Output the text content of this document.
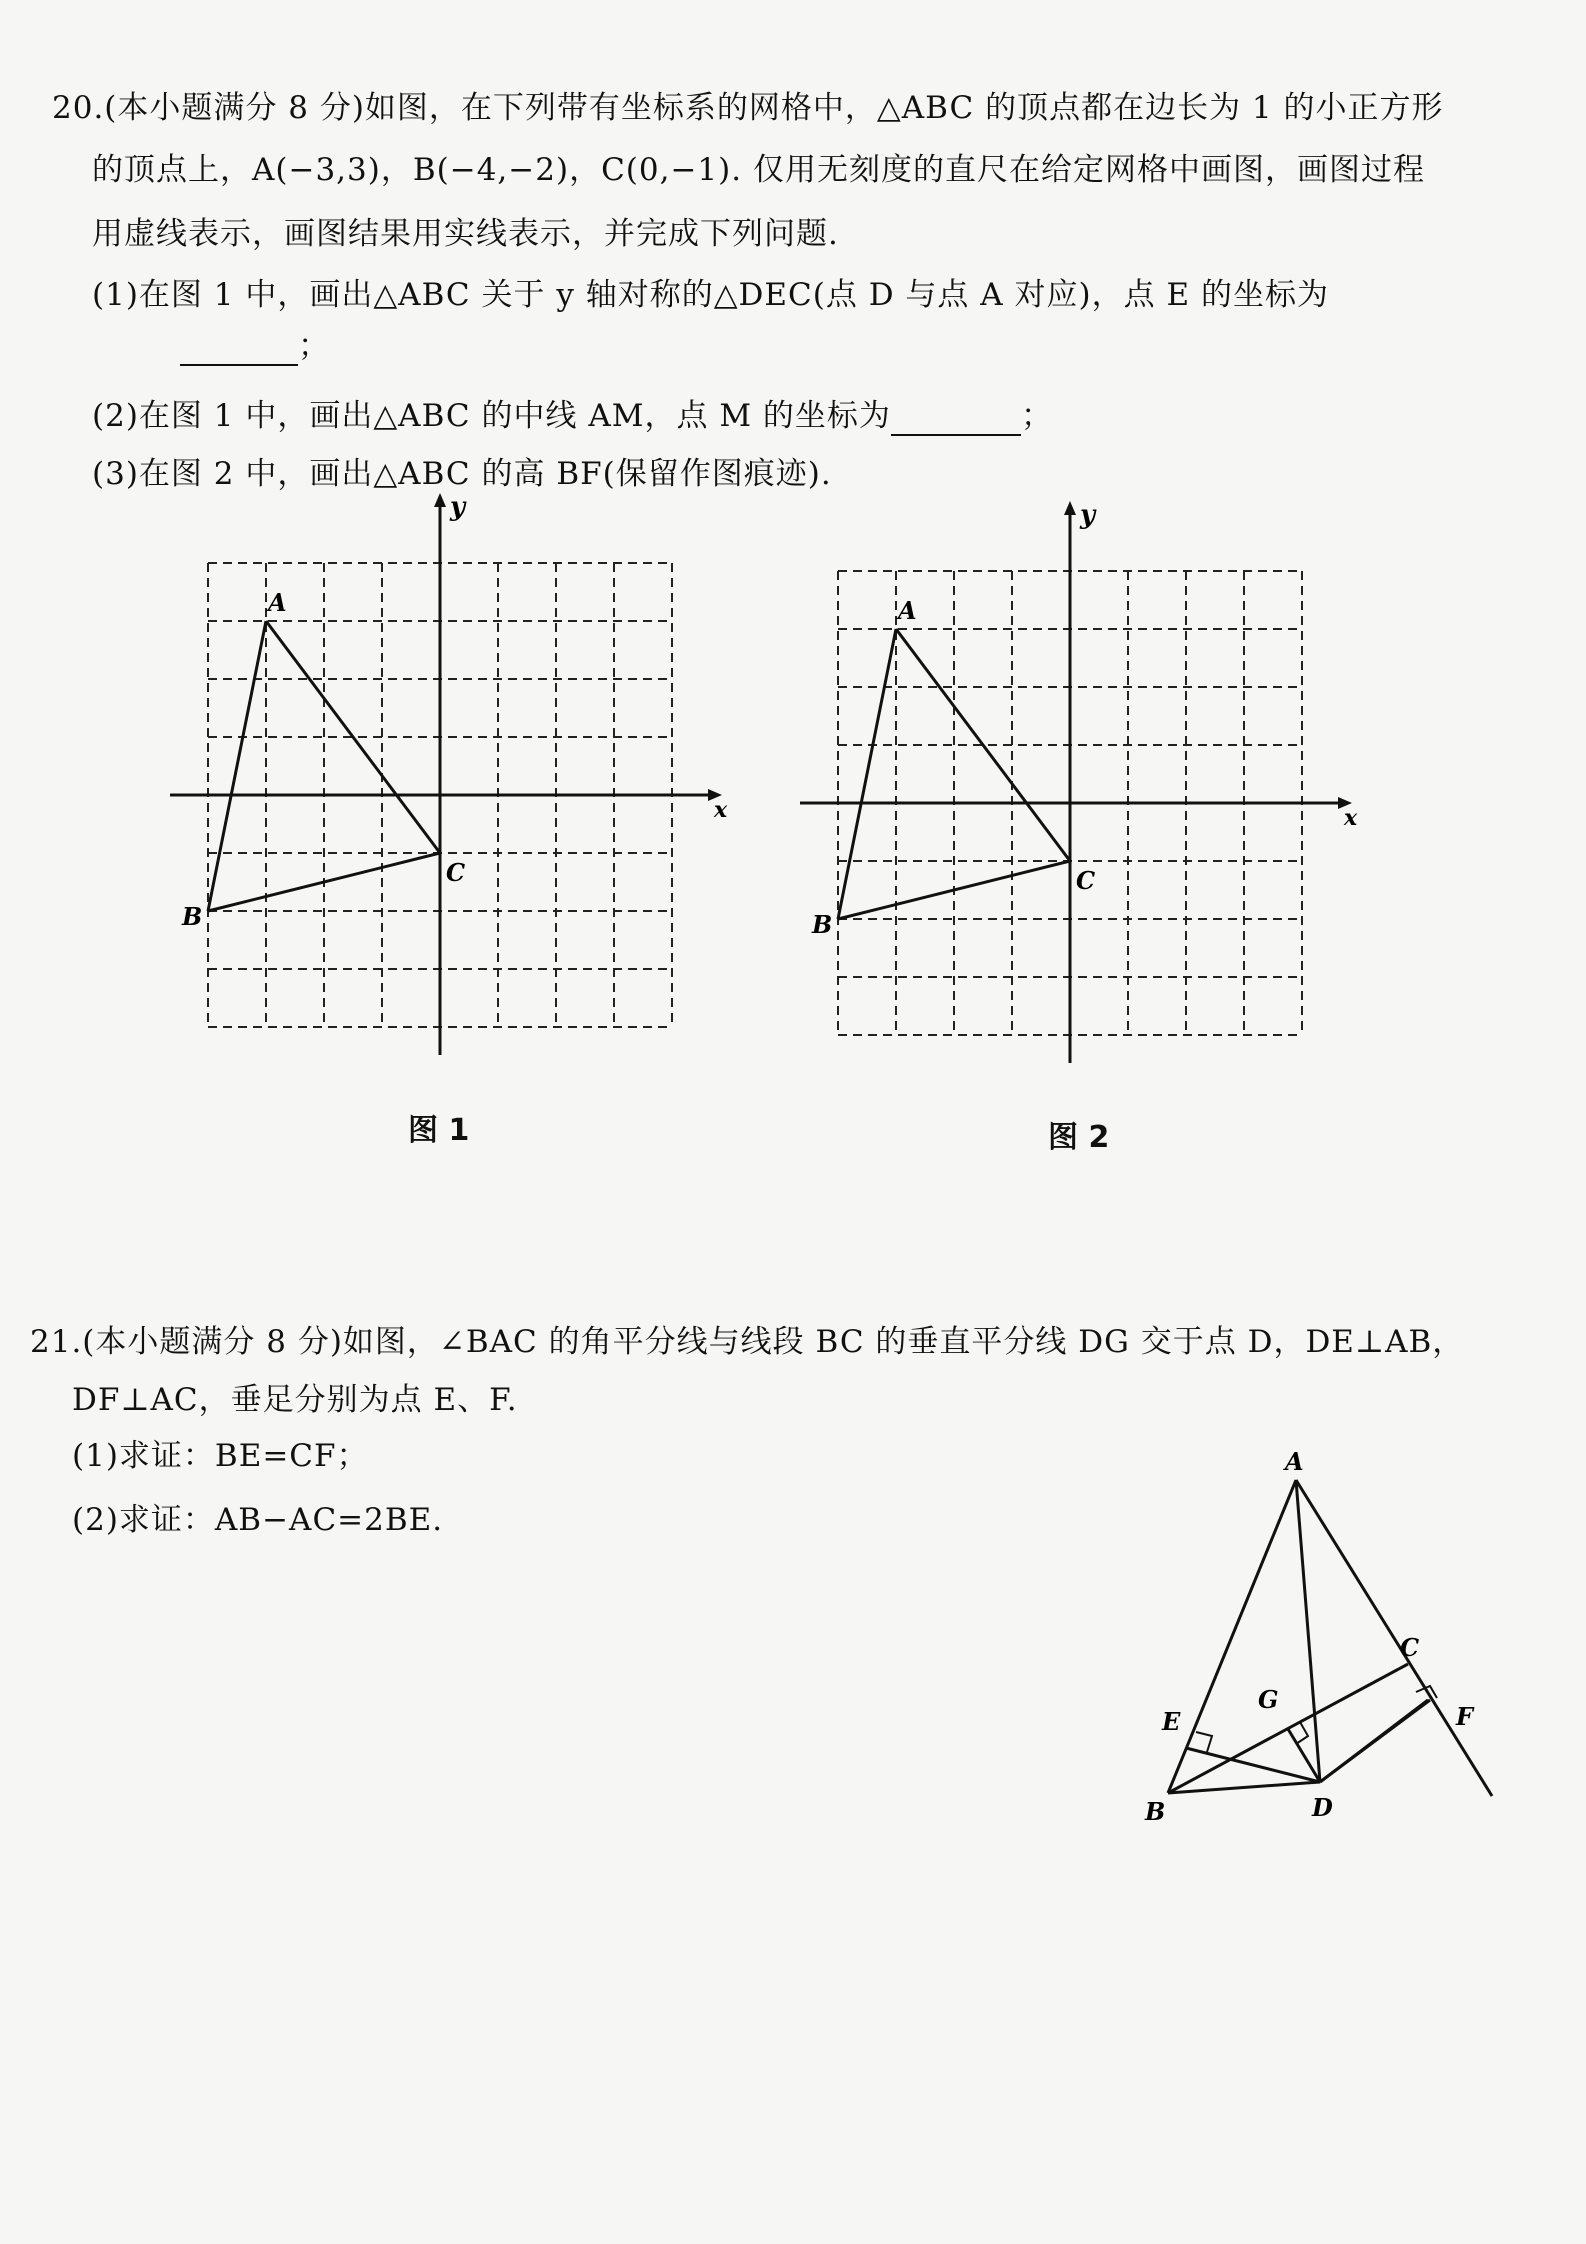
20.(本小题满分 8 分)如图，在下列带有坐标系的网格中，△ABC 的顶点都在边长为 1 的小正方形
的顶点上，A(−3,3)，B(−4,−2)，C(0,−1). 仅用无刻度的直尺在给定网格中画图，画图过程
用虚线表示，画图结果用实线表示，并完成下列问题.
(1)在图 1 中，画出△ABC 关于 y 轴对称的△DEC(点 D 与点 A 对应)，点 E 的坐标为
；
(2)在图 1 中，画出△ABC 的中线 AM，点 M 的坐标为	；
(3)在图 2 中，画出△ABC 的高 BF(保留作图痕迹).
x
y
A
B
C
图 1
x
y
A
B
C
图 2
21.(本小题满分 8 分)如图，∠BAC 的角平分线与线段 BC 的垂直平分线 DG 交于点 D，DE⊥AB，
DF⊥AC，垂足分别为点 E、F.
(1)求证：BE=CF；
(2)求证：AB−AC=2BE.
A
B
C
D
E	F
G
